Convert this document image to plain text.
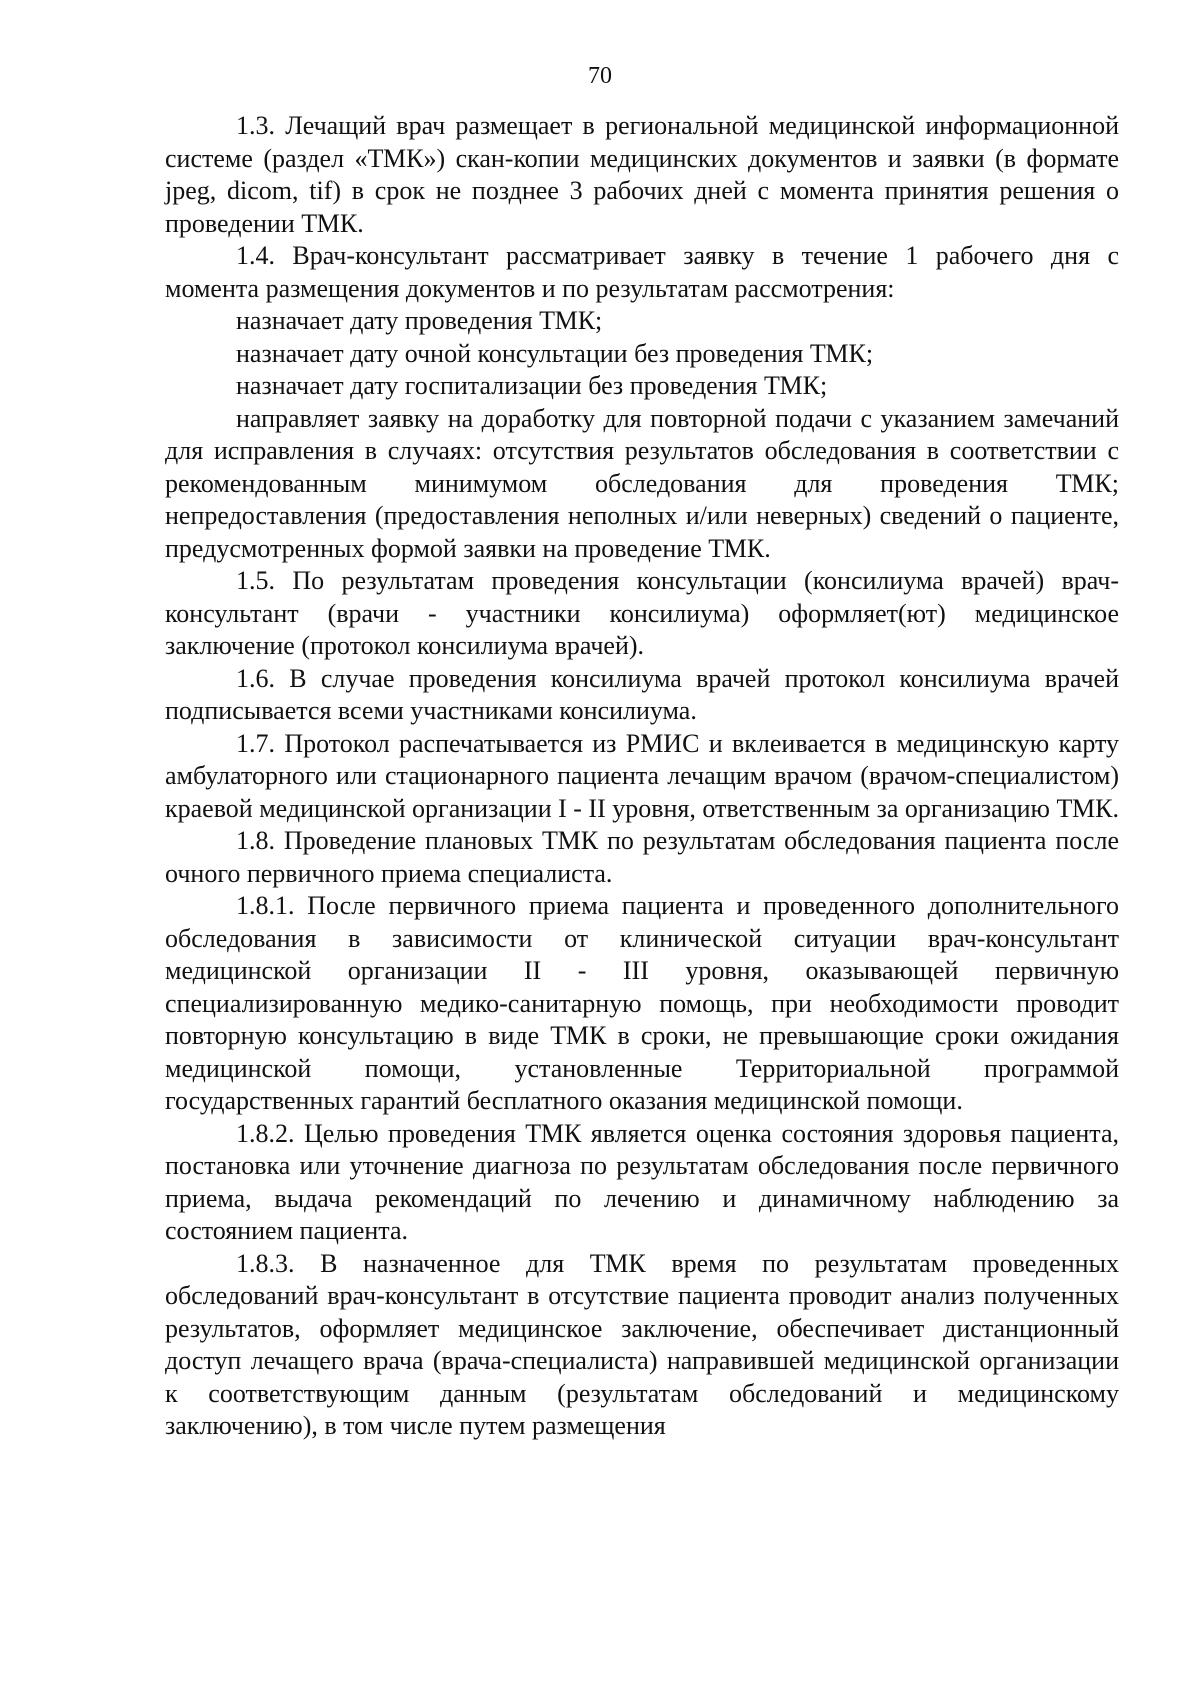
70

1.3. Лечащий врач размещает в региональной медицинской информационной системе (раздел «ТМК») скан-копии медицинских документов и заявки (в формате jpeg, dicom, tif) в срок не позднее 3 рабочих дней с момента принятия решения о проведении ТМК.

1.4. Врач-консультант рассматривает заявку в течение 1 рабочего дня с момента размещения документов и по результатам рассмотрения:

назначает дату проведения ТМК;

назначает дату очной консультации без проведения ТМК;

назначает дату госпитализации без проведения ТМК;

направляет заявку на доработку для повторной подачи с указанием замечаний для исправления в случаях: отсутствия результатов обследования в соответствии с рекомендованным минимумом обследования для проведения ТМК; непредоставления (предоставления неполных и/или неверных) сведений о пациенте, предусмотренных формой заявки на проведение ТМК.

1.5. По результатам проведения консультации (консилиума врачей) врач-консультант (врачи - участники консилиума) оформляет(ют) медицинское заключение (протокол консилиума врачей).

1.6. В случае проведения консилиума врачей протокол консилиума врачей подписывается всеми участниками консилиума.

1.7. Протокол распечатывается из РМИС и вклеивается в медицинскую карту амбулаторного или стационарного пациента лечащим врачом (врачом-специалистом) краевой медицинской организации I - II уровня, ответственным за организацию ТМК.

1.8. Проведение плановых ТМК по результатам обследования пациента после очного первичного приема специалиста.

1.8.1. После первичного приема пациента и проведенного дополнительного обследования в зависимости от клинической ситуации врач-консультант медицинской организации II - III уровня, оказывающей первичную специализированную медико-санитарную помощь, при необходимости проводит повторную консультацию в виде ТМК в сроки, не превышающие сроки ожидания медицинской помощи, установленные Территориальной программой государственных гарантий бесплатного оказания медицинской помощи.

1.8.2. Целью проведения ТМК является оценка состояния здоровья пациента, постановка или уточнение диагноза по результатам обследования после первичного приема, выдача рекомендаций по лечению и динамичному наблюдению за состоянием пациента.

1.8.3. В назначенное для ТМК время по результатам проведенных обследований врач-консультант в отсутствие пациента проводит анализ полученных результатов, оформляет медицинское заключение, обеспечивает дистанционный доступ лечащего врача (врача-специалиста) направившей медицинской организации к соответствующим данным (результатам обследований и медицинскому заключению), в том числе путем размещения
